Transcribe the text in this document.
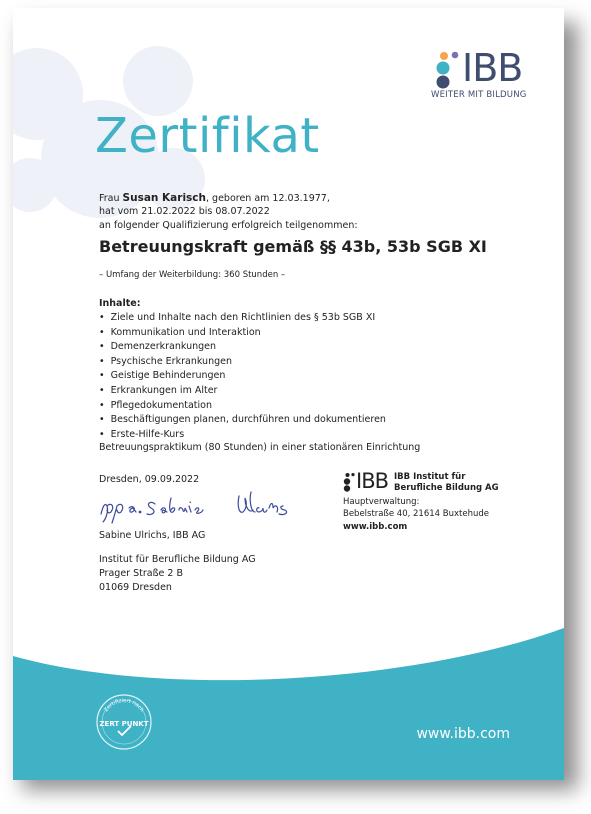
IBB
WEITER MIT BILDUNG
Zertifikat
Frau Susan Karisch, geboren am 12.03.1977,
hat vom 21.02.2022 bis 08.07.2022
an folgender Qualifizierung erfolgreich teilgenommen:
Betreuungskraft gemäß §§ 43b, 53b SGB XI
– Umfang der Weiterbildung: 360 Stunden –
Inhalte:
• Ziele und Inhalte nach den Richtlinien des § 53b SGB XI
• Kommunikation und Interaktion
• Demenzerkrankungen
• Psychische Erkrankungen
• Geistige Behinderungen
• Erkrankungen im Alter
• Pflegedokumentation
• Beschäftigungen planen, durchführen und dokumentieren
• Erste-Hilfe-Kurs
Betreuungspraktikum (80 Stunden) in einer stationären Einrichtung
Dresden, 09.09.2022
Sabine Ulrichs, IBB AG
Institut für Berufliche Bildung AG
Prager Straße 2 B
01069 Dresden
IBB IBB Institut für
Berufliche Bildung AG
Hauptverwaltung:
Bebelstraße 40, 21614 Buxtehude
www.ibb.com
Zertifiziert nach
ZERT PUNKT
www.ibb.com
